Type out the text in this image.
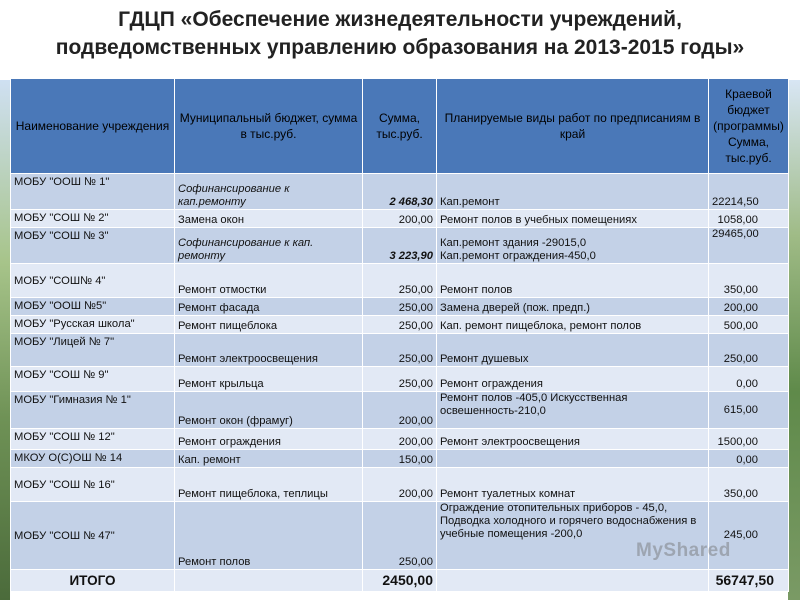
ГДЦП «Обеспечение жизнедеятельности учреждений,
подведомственных управлению образования на 2013-2015 годы»
Наименование учреждения	Муниципальный бюджет, сумма в тыс.руб.	Сумма, тыс.руб.	Планируемые виды работ по предписаниям в край	Краевой бюджет (программы) Сумма, тыс.руб.
МОБУ "ООШ № 1"	Софинансирование к кап.ремонту	2 468,30	Кап.ремонт	22214,50
МОБУ "СОШ № 2"	Замена окон	200,00	Ремонт полов в учебных помещениях	1058,00
МОБУ "СОШ № 3"	Софинансирование к кап. ремонту	3 223,90	Кап.ремонт здания -29015,0
Кап.ремонт ограждения-450,0	29465,00
МОБУ "СОШ№ 4"	Ремонт отмостки	250,00	Ремонт полов	350,00
МОБУ "ООШ №5"	Ремонт фасада	250,00	Замена дверей (пож. предп.)	200,00
МОБУ "Русская школа"	Ремонт пищеблока	250,00	Кап. ремонт пищеблока, ремонт полов	500,00
МОБУ "Лицей № 7"	Ремонт электроосвещения	250,00	Ремонт душевых	250,00
МОБУ "СОШ № 9"	Ремонт крыльца	250,00	Ремонт ограждения	0,00
МОБУ "Гимназия № 1"	Ремонт окон (фрамуг)	200,00	Ремонт полов -405,0 Искусственная освешенность-210,0	615,00
МОБУ "СОШ № 12"	Ремонт ограждения	200,00	Ремонт электроосвещения	1500,00
МКОУ О(С)ОШ № 14	Кап. ремонт	150,00		0,00
МОБУ "СОШ № 16"	Ремонт пищеблока, теплицы	200,00	Ремонт туалетных комнат	350,00
МОБУ "СОШ № 47"	Ремонт полов	250,00	Ограждение отопительных приборов - 45,0, Подводка холодного и горячего водоснабжения в учебные помещения -200,0	245,00
ИТОГО		2450,00		56747,50
MyShared
